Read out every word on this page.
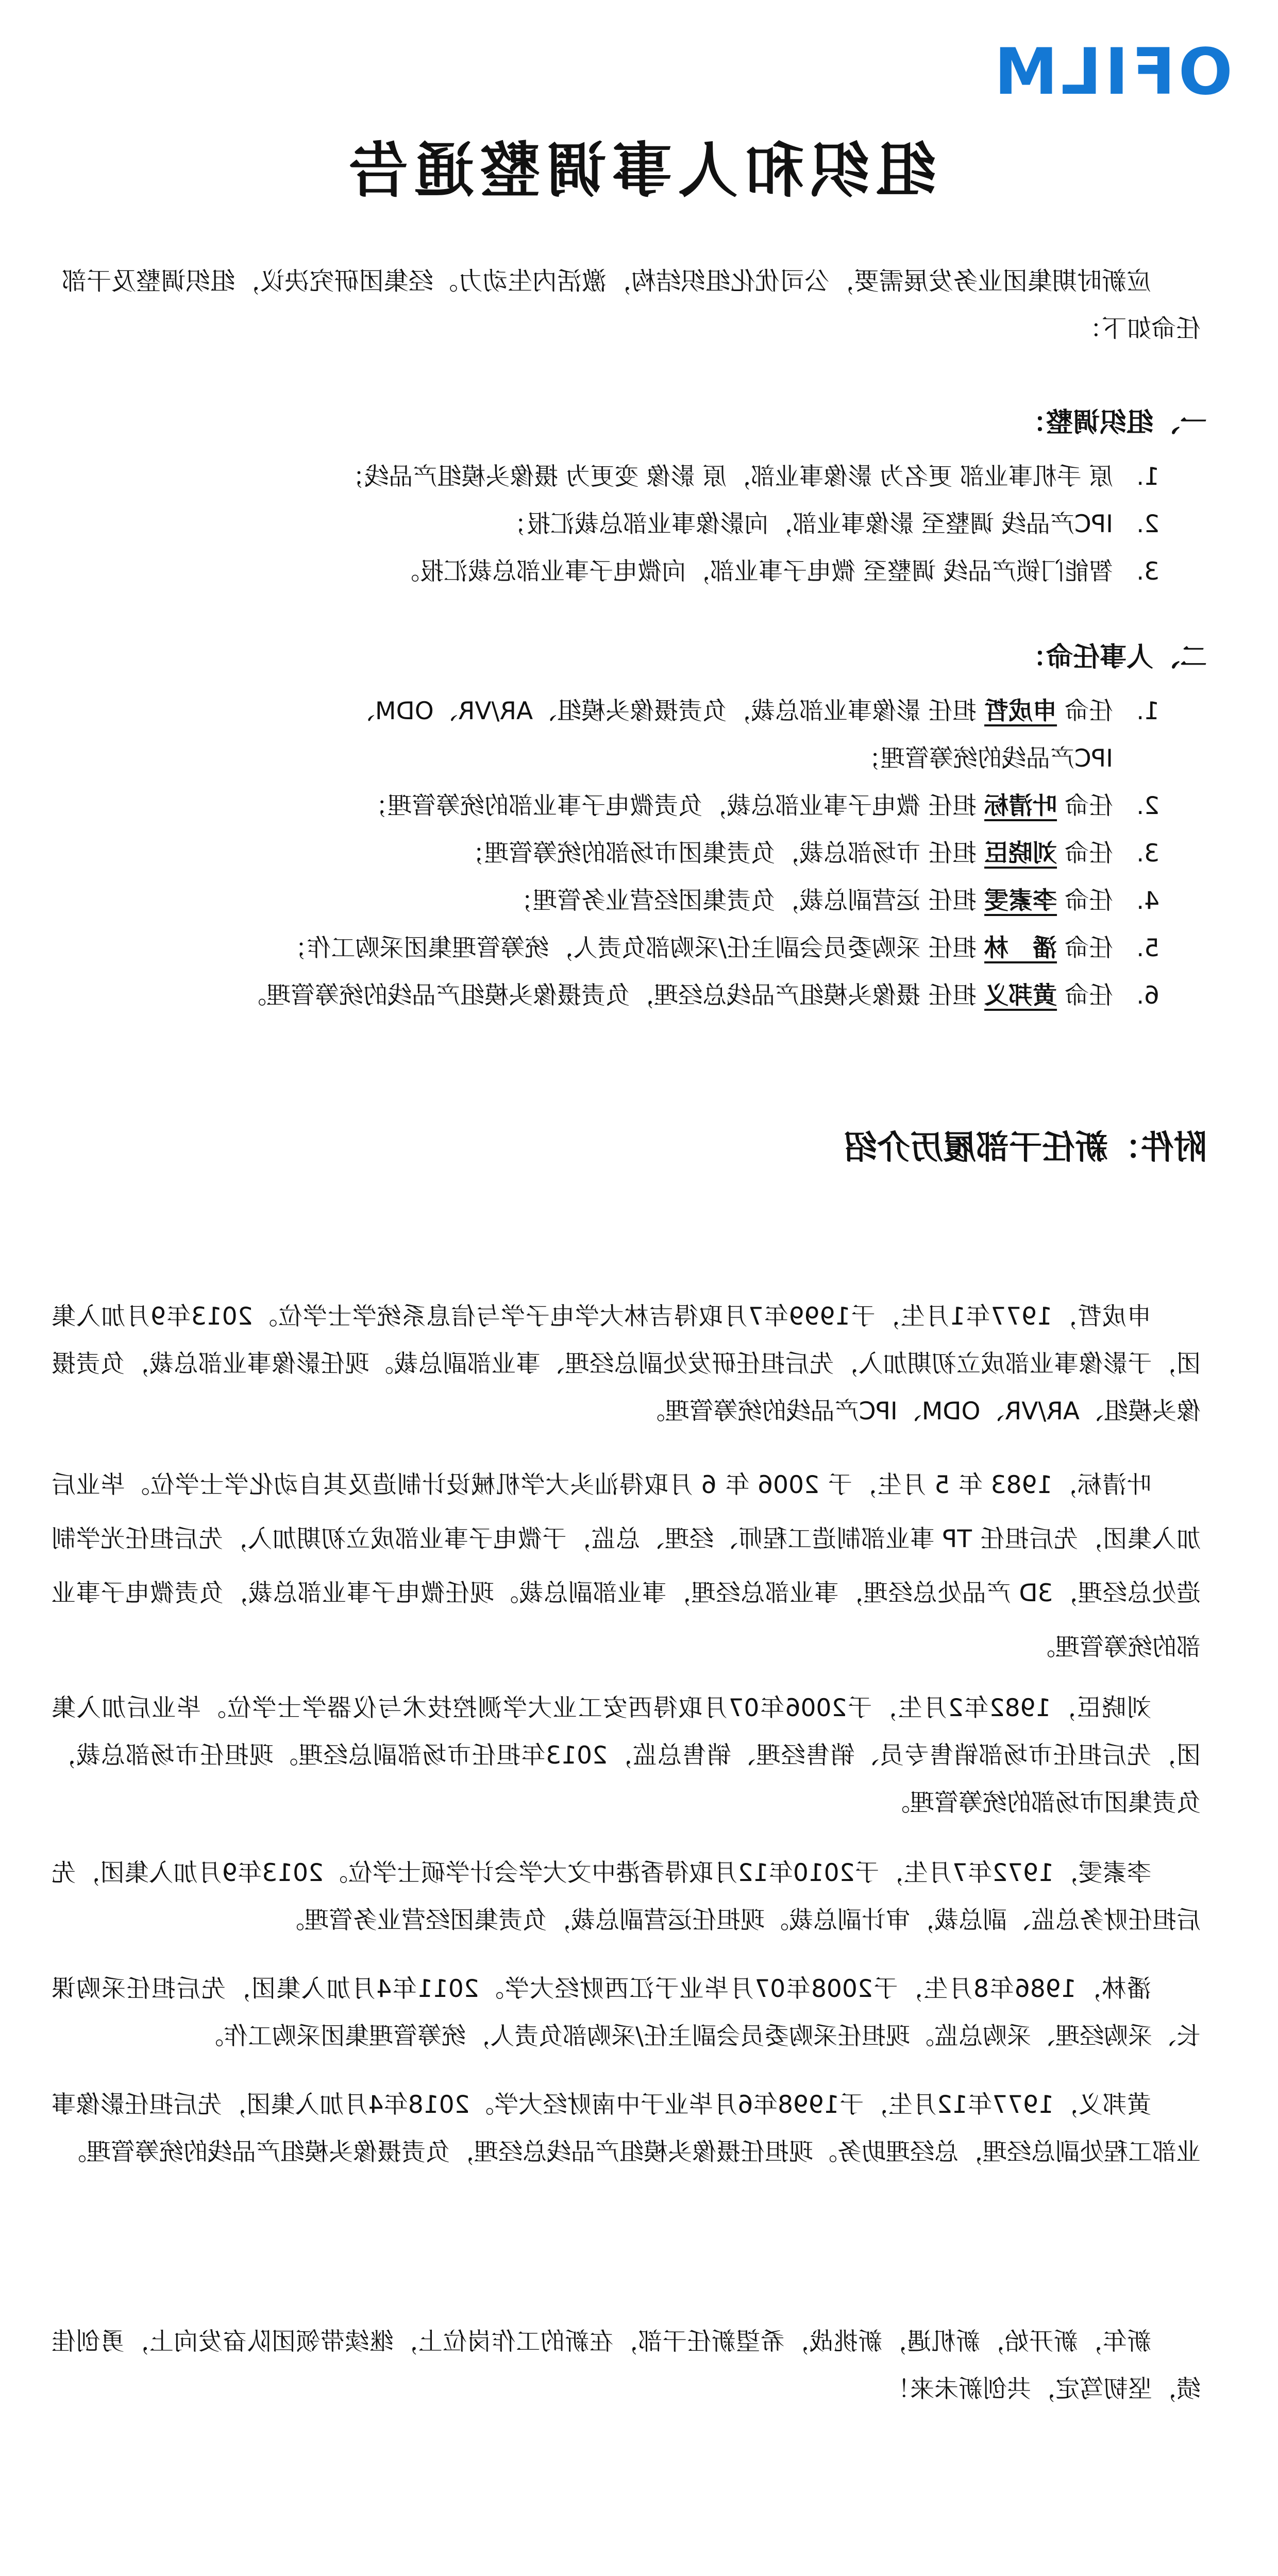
OFILM
组织和人事调整通告
应新时期集团业务发展需要，公司优化组织结构，激活内生动力。经集团研究决议，组织调整及干部任命如下：
一、组织调整：
1.原 手机事业部 更名为 影像事业部，原 影像 变更为 摄像头模组产品线；
2.IPC产品线 调整至 影像事业部，向影像事业部总裁汇报；
3.智能门锁产品线 调整至 微电子事业部，向微电子事业部总裁汇报。
二、人事任命：
1.任命 申成哲 担任 影像事业部总裁，负责摄像头模组、AR/VR、ODM、
IPC产品线的统筹管理；
2.任命 叶清标 担任 微电子事业部总裁，负责微电子事业部的统筹管理；
3.任命 刘晓臣 担任 市场部总裁，负责集团市场部的统筹管理；
4.任命 李素雯 担任 运营副总裁，负责集团经营业务管理；
5.任命 潘　林 担任 采购委员会副主任/采购部负责人，统筹管理集团采购工作；
6.任命 黄邦义 担任 摄像头模组产品线总经理，负责摄像头模组产品线的统筹管理。
附件：新任干部履历介绍
申成哲，1977年1月生，于1999年7月取得吉林大学电子学与信息系统学士学位。2013年9月加入集团，于影像事业部成立初期加入，先后担任研发处副总经理、事业部副总裁。现任影像事业部总裁，负责摄像头模组、AR/VR、ODM、IPC产品线的统筹管理。
叶清标，1983 年 5 月生，于 2006 年 6 月取得汕头大学机械设计制造及其自动化学士学位。毕业后加入集团，先后担任 TP 事业部制造工程师、经理、总监，于微电子事业部成立初期加入，先后担任光学制造处总经理，3D 产品处总经理，事业部总经理，事业部副总裁。现任微电子事业部总裁，负责微电子事业部的统筹管理。
刘晓臣，1982年2月生，于2006年07月取得西安工业大学测控技术与仪器学士学位。毕业后加入集团，先后担任市场部销售专员、销售经理、销售总监，2013年担任市场部副总经理。现担任市场部总裁，负责集团市场部的统筹管理。
李素雯，1972年7月生，于2010年12月取得香港中文大学会计学硕士学位。2013年9月加入集团，先后担任财务总监、副总裁，审计副总裁。现担任运营副总裁，负责集团经营业务管理。
潘林，1986年8月生，于2008年07月毕业于江西财经大学。2011年4月加入集团，先后担任采购课长、采购经理、采购总监。现担任采购委员会副主任/采购部负责人，统筹管理集团采购工作。
黄邦义，1977年12月生，于1998年6月毕业于中南财经大学。2018年4月加入集团，先后担任影像事业部工程处副总经理，总经理助务。现担任摄像头模组产品线总经理，负责摄像头模组产品线的统筹管理。
新年，新开始，新机遇，新挑战，希望新任干部，在新的工作岗位上，继续带领团队奋发向上，勇创佳绩，坚韧笃定，共创新未来！
